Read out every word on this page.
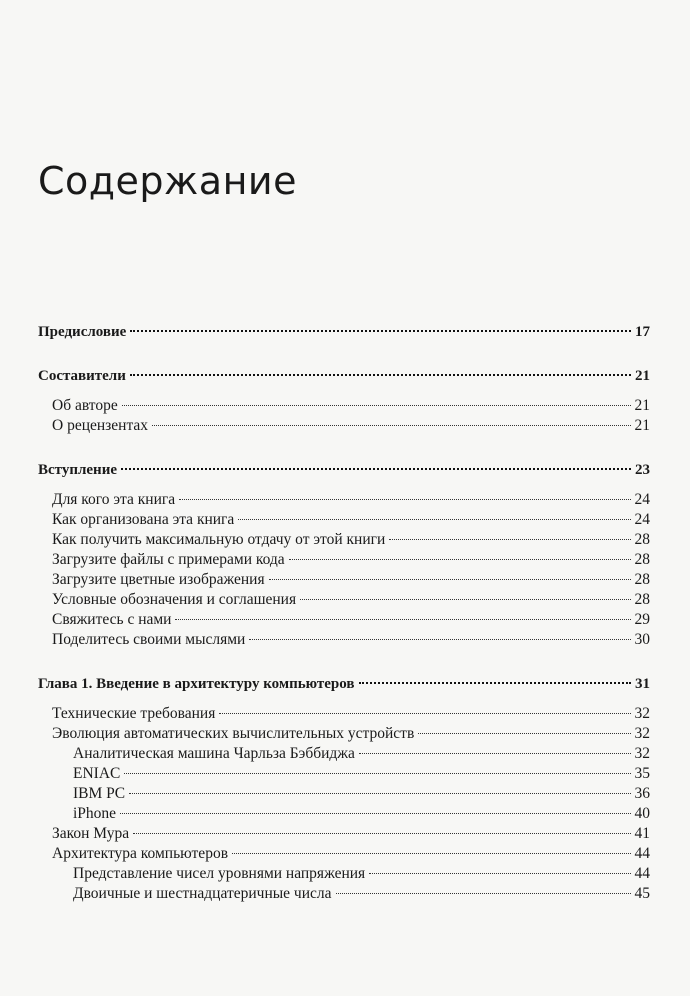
Содержание
Предисловие	17
Составители	21
Об авторе	21
О рецензентах	21
Вступление	23
Для кого эта книга	24
Как организована эта книга	24
Как получить максимальную отдачу от этой книги	28
Загрузите файлы с примерами кода	28
Загрузите цветные изображения	28
Условные обозначения и соглашения	28
Свяжитесь с нами	29
Поделитесь своими мыслями	30
Глава 1. Введение в архитектуру компьютеров	31
Технические требования	32
Эволюция автоматических вычислительных устройств	32
Аналитическая машина Чарльза Бэббиджа	32
ENIAC	35
IBM PC	36
iPhone	40
Закон Мура	41
Архитектура компьютеров	44
Представление чисел уровнями напряжения	44
Двоичные и шестнадцатеричные числа	45
